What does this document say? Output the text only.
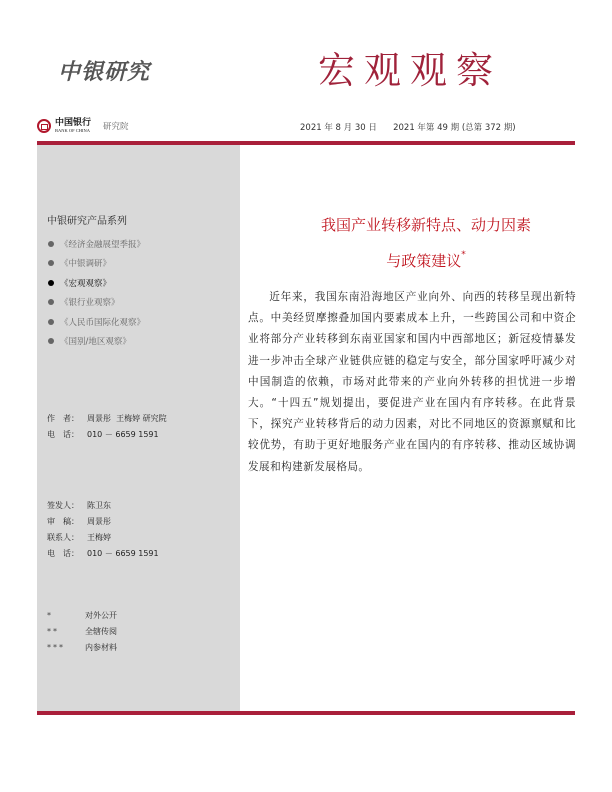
中银研究	宏观观察
中国银行
BANK OF CHINA 研究院	2021 年 8 月 30 日 2021 年第 49 期 (总第 372 期)
中银研究产品系列
《经济金融展望季报》
《中银调研》
《宏观观察》
《银行业观察》
《人民币国际化观察》
《国别/地区观察》
作　者：	周景彤  王梅婷 研究院
电　话：	010 － 6659 1591
签发人：	陈卫东
审　稿：	周景彤
联系人：	王梅婷
电　话：	010 － 6659 1591
*	对外公开
**	全辖传阅
***	内参材料
我国产业转移新特点、动力因素
与政策建议*

近年来，我国东南沿海地区产业向外、向西的转移呈现出新特点。中美经贸摩擦叠加国内要素成本上升，一些跨国公司和中资企业将部分产业转移到东南亚国家和国内中西部地区；新冠疫情暴发进一步冲击全球产业链供应链的稳定与安全，部分国家呼吁减少对中国制造的依赖，市场对此带来的产业向外转移的担忧进一步增大。“十四五”规划提出，要促进产业在国内有序转移。在此背景下，探究产业转移背后的动力因素，对比不同地区的资源禀赋和比较优势，有助于更好地服务产业在国内的有序转移、推动区域协调发展和构建新发展格局。
